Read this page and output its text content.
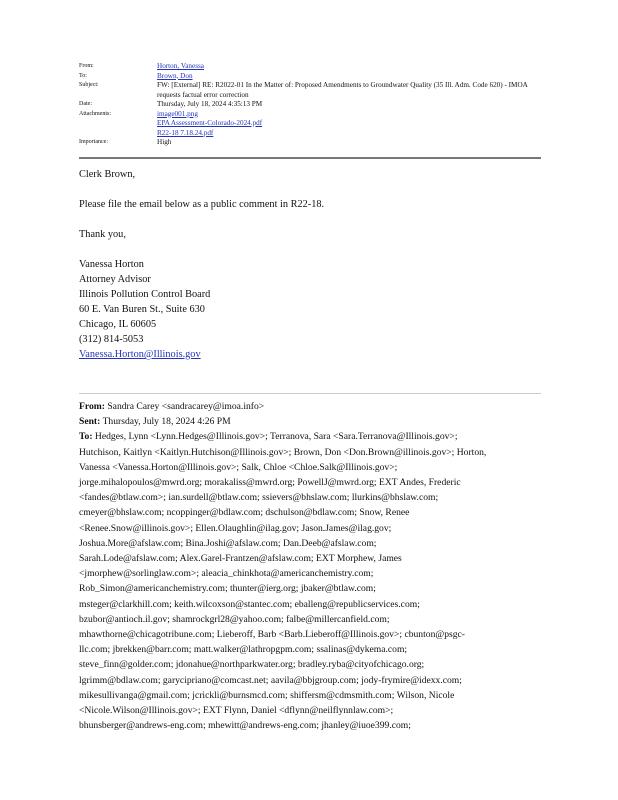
From:	Horton, Vanessa
To:	Brown, Don
Subject:	FW: [External] RE: R2022-01 In the Matter of: Proposed Amendments to Groundwater Quality (35 Ill. Adm. Code 620) - IMOA requests factual error correction
Date:	Thursday, July 18, 2024 4:35:13 PM
Attachments:	image001.png
EPA Assessment-Colorado-2024.pdf
R22-18 7.18.24.pdf
Importance:	High
Clerk Brown,
Please file the email below as a public comment in R22-18.
Thank you,
Vanessa Horton
Attorney Advisor
Illinois Pollution Control Board
60 E. Van Buren St., Suite 630
Chicago, IL 60605
(312) 814-5053
Vanessa.Horton@Illinois.gov
From: Sandra Carey <sandracarey@imoa.info>
Sent: Thursday, July 18, 2024 4:26 PM
To: Hedges, Lynn <Lynn.Hedges@Illinois.gov>; Terranova, Sara <Sara.Terranova@Illinois.gov>;
Hutchison, Kaitlyn <Kaitlyn.Hutchison@Illinois.gov>; Brown, Don <Don.Brown@illinois.gov>; Horton,
Vanessa <Vanessa.Horton@Illinois.gov>; Salk, Chloe <Chloe.Salk@Illinois.gov>;
jorge.mihalopoulos@mwrd.org; morakaliss@mwrd.org; PowellJ@mwrd.org; EXT Andes, Frederic
<fandes@btlaw.com>; ian.surdell@btlaw.com; ssievers@bhslaw.com; llurkins@bhslaw.com;
cmeyer@bhslaw.com; ncoppinger@bdlaw.com; dschulson@bdlaw.com; Snow, Renee
<Renee.Snow@illinois.gov>; Ellen.Olaughlin@ilag.gov; Jason.James@ilag.gov;
Joshua.More@afslaw.com; Bina.Joshi@afslaw.com; Dan.Deeb@afslaw.com;
Sarah.Lode@afslaw.com; Alex.Garel-Frantzen@afslaw.com; EXT Morphew, James
<jmorphew@sorlinglaw.com>; aleacia_chinkhota@americanchemistry.com;
Rob_Simon@americanchemistry.com; thunter@ierg.org; jbaker@btlaw.com;
msteger@clarkhill.com; keith.wilcoxson@stantec.com; eballeng@republicservices.com;
bzubor@antioch.il.gov; shamrockgrl28@yahoo.com; falbe@millercanfield.com;
mhawthorne@chicagotribune.com; Lieberoff, Barb <Barb.Lieberoff@Illinois.gov>; cbunton@psgc-
llc.com; jbrekken@barr.com; matt.walker@lathropgpm.com; ssalinas@dykema.com;
steve_finn@golder.com; jdonahue@northparkwater.org; bradley.ryba@cityofchicago.org;
lgrimm@bdlaw.com; garycipriano@comcast.net; aavila@bbjgroup.com; jody-frymire@idexx.com;
mikesullivanga@gmail.com; jcrickli@burnsmcd.com; shiffersm@cdmsmith.com; Wilson, Nicole
<Nicole.Wilson@Illinois.gov>; EXT Flynn, Daniel <dflynn@neilflynnlaw.com>;
bhunsberger@andrews-eng.com; mhewitt@andrews-eng.com; jhanley@iuoe399.com;
